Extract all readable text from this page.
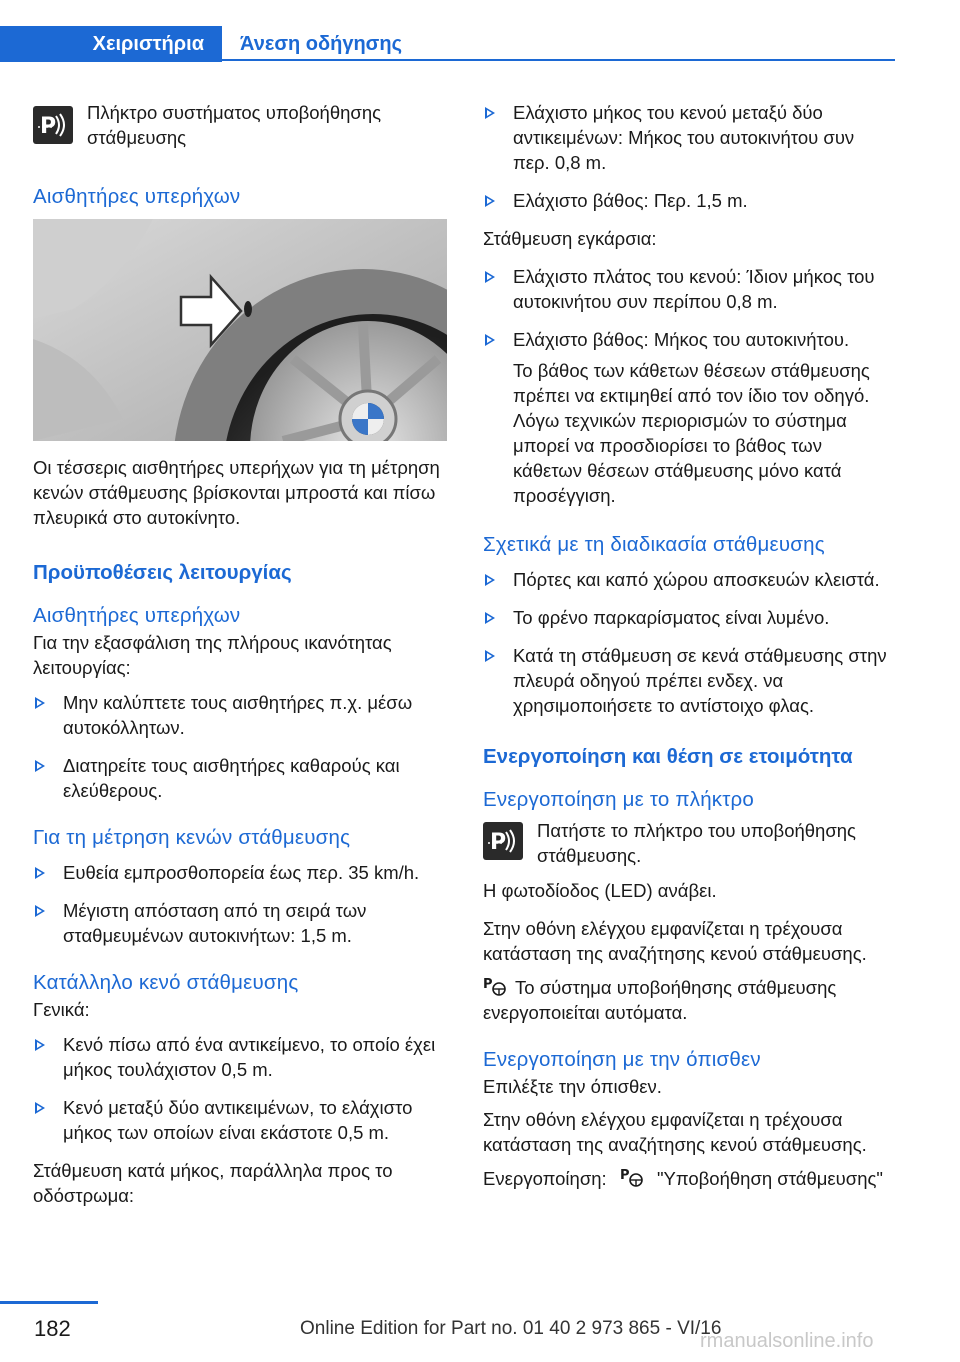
Χειριστήρια	Άνεση οδήγησης
P
Πλήκτρο συστήματος υποβοήθησης στάθμευσης
Αισθητήρες υπερήχων

Οι τέσσερις αισθητήρες υπερήχων για τη μέτρηση κενών στάθμευσης βρίσκονται μπροστά και πίσω πλευρικά στο αυτοκίνητο.

Προϋποθέσεις λειτουργίας
Αισθητήρες υπερήχων

Για την εξασφάλιση της πλήρους ικανότητας λειτουργίας:

Μην καλύπτετε τους αισθητήρες π.χ. μέσω αυτοκόλλητων.
Διατηρείτε τους αισθητήρες καθαρούς και ελεύθερους.
Για τη μέτρηση κενών στάθμευσης
Ευθεία εμπροσθοπορεία έως περ. 35 km/h.
Μέγιστη απόσταση από τη σειρά των σταθμευμένων αυτοκινήτων: 1,5 m.
Κατάλληλο κενό στάθμευσης

Γενικά:

Κενό πίσω από ένα αντικείμενο, το οποίο έχει μήκος τουλάχιστον 0,5 m.
Κενό μεταξύ δύο αντικειμένων, το ελάχιστο μήκος των οποίων είναι εκάστοτε 0,5 m.

Στάθμευση κατά μήκος, παράλληλα προς το οδόστρωμα:

Ελάχιστο μήκος του κενού μεταξύ δύο αντικειμένων: Μήκος του αυτοκινήτου συν περ. 0,8 m.
Ελάχιστο βάθος: Περ. 1,5 m.

Στάθμευση εγκάρσια:

Ελάχιστο πλάτος του κενού: Ίδιον μήκος του αυτοκινήτου συν περίπου 0,8 m.
Ελάχιστο βάθος: Μήκος του αυτοκινήτου.

Το βάθος των κάθετων θέσεων στάθμευσης πρέπει να εκτιμηθεί από τον ίδιο τον οδηγό. Λόγω τεχνικών περιορισμών το σύστημα μπορεί να προσδιορίσει το βάθος των κάθετων θέσεων στάθμευσης μόνο κατά προσέγγιση.

Σχετικά με τη διαδικασία στάθμευσης
Πόρτες και καπό χώρου αποσκευών κλειστά.
Το φρένο παρκαρίσματος είναι λυμένο.
Κατά τη στάθμευση σε κενά στάθμευσης στην πλευρά οδηγού πρέπει ενδεχ. να χρησιμοποιήσετε το αντίστοιχο φλας.
Ενεργοποίηση και θέση σε ετοιμότητα
Ενεργοποίηση με το πλήκτρο
P Πατήστε το πλήκτρο του υποβοήθησης στάθμευσης.

Η φωτοδίοδος (LED) ανάβει.

Στην οθόνη ελέγχου εμφανίζεται η τρέχουσα κατάσταση της αναζήτησης κενού στάθμευσης.

P Το σύστημα υποβοήθησης στάθμευσης ενεργοποιείται αυτόματα.

Ενεργοποίηση με την όπισθεν

Επιλέξτε την όπισθεν.

Στην οθόνη ελέγχου εμφανίζεται η τρέχουσα κατάσταση της αναζήτησης κενού στάθμευσης.

Ενεργοποίηση: P "Υποβοήθηση στάθμευσης"

182	Online Edition for Part no. 01 40 2 973 865 - VI/16
rmanualsonline.info
